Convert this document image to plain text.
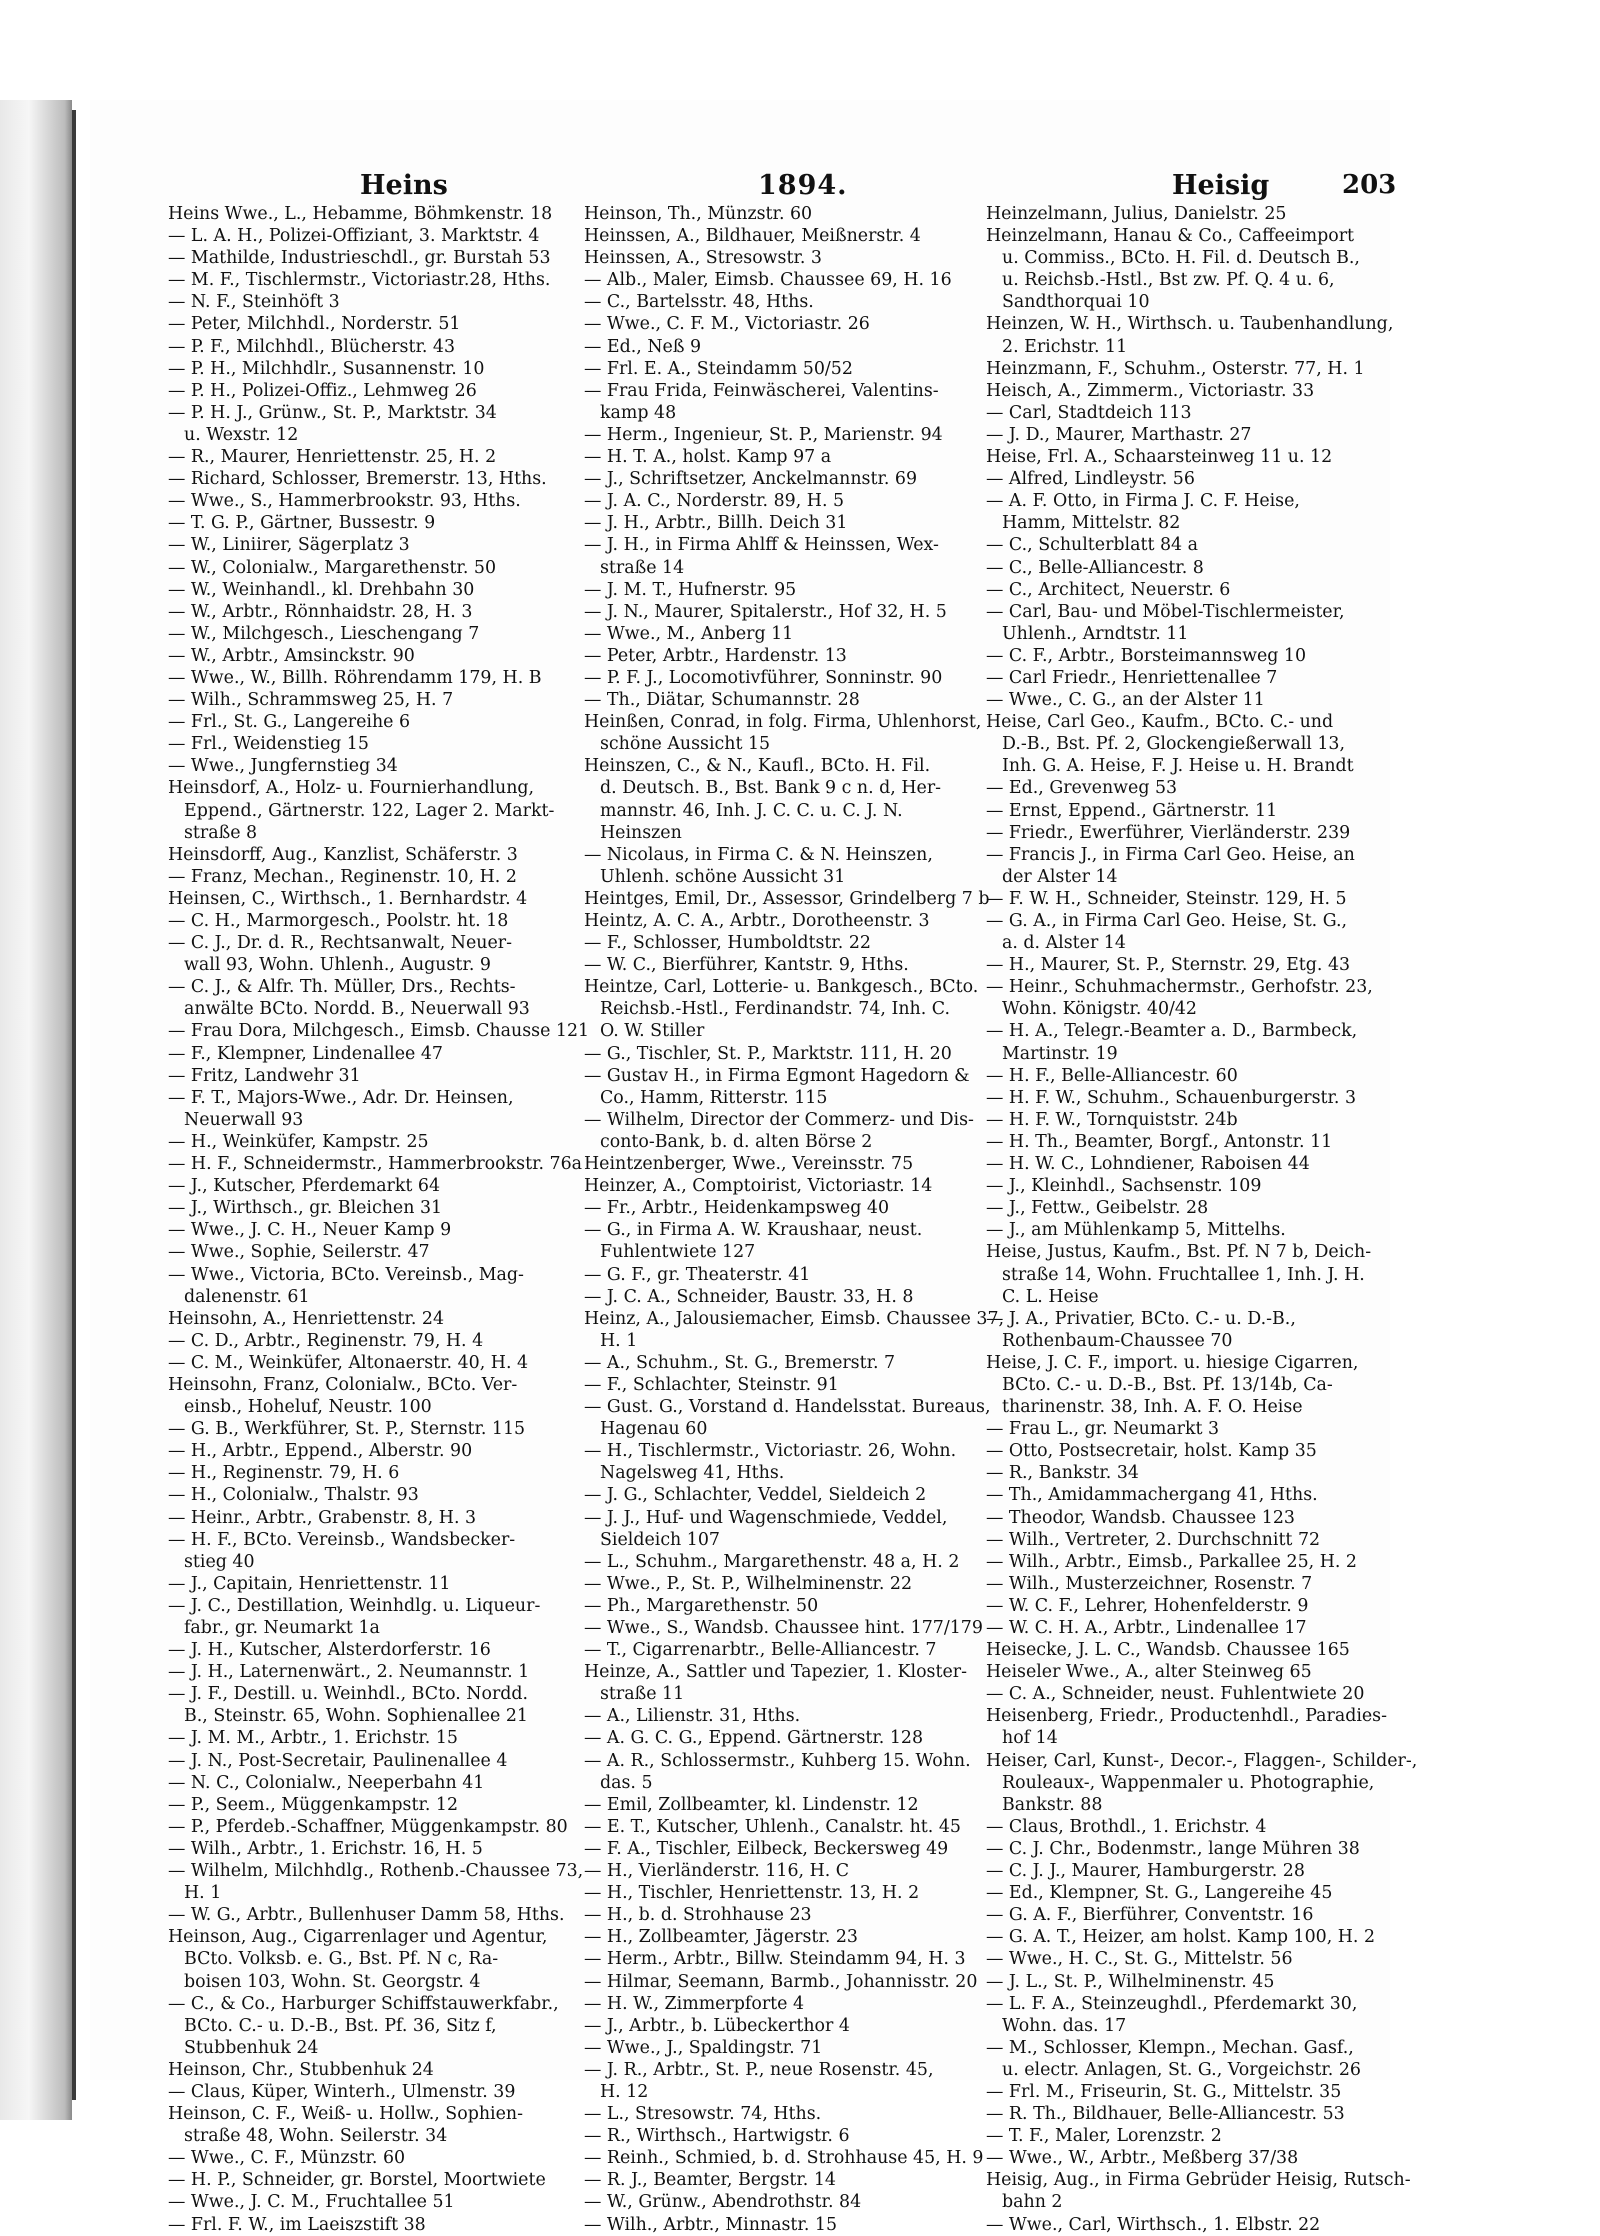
Heins	1894.	Heisig	203
Heins Wwe., L., Hebamme, Böhmkenstr. 18
— L. A. H., Polizei-Offiziant, 3. Marktstr. 4
— Mathilde, Industrieschdl., gr. Burstah 53
— M. F., Tischlermstr., Victoriastr.28, Hths.
— N. F., Steinhöft 3
— Peter, Milchhdl., Norderstr. 51
— P. F., Milchhdl., Blücherstr. 43
— P. H., Milchhdlr., Susannenstr. 10
— P. H., Polizei-Offiz., Lehmweg 26
— P. H. J., Grünw., St. P., Marktstr. 34
u. Wexstr. 12
— R., Maurer, Henriettenstr. 25, H. 2
— Richard, Schlosser, Bremerstr. 13, Hths.
— Wwe., S., Hammerbrookstr. 93, Hths.
— T. G. P., Gärtner, Bussestr. 9
— W., Liniirer, Sägerplatz 3
— W., Colonialw., Margarethenstr. 50
— W., Weinhandl., kl. Drehbahn 30
— W., Arbtr., Rönnhaidstr. 28, H. 3
— W., Milchgesch., Lieschengang 7
— W., Arbtr., Amsinckstr. 90
— Wwe., W., Billh. Röhrendamm 179, H. B
— Wilh., Schrammsweg 25, H. 7
— Frl., St. G., Langereihe 6
— Frl., Weidenstieg 15
— Wwe., Jungfernstieg 34
Heinsdorf, A., Holz- u. Fournierhandlung,
Eppend., Gärtnerstr. 122, Lager 2. Markt-
straße 8
Heinsdorff, Aug., Kanzlist, Schäferstr. 3
— Franz, Mechan., Reginenstr. 10, H. 2
Heinsen, C., Wirthsch., 1. Bernhardstr. 4
— C. H., Marmorgesch., Poolstr. ht. 18
— C. J., Dr. d. R., Rechtsanwalt, Neuer-
wall 93, Wohn. Uhlenh., Augustr. 9
— C. J., & Alfr. Th. Müller, Drs., Rechts-
anwälte BCto. Nordd. B., Neuerwall 93
— Frau Dora, Milchgesch., Eimsb. Chausse 121
— F., Klempner, Lindenallee 47
— Fritz, Landwehr 31
— F. T., Majors-Wwe., Adr. Dr. Heinsen,
Neuerwall 93
— H., Weinküfer, Kampstr. 25
— H. F., Schneidermstr., Hammerbrookstr. 76a
— J., Kutscher, Pferdemarkt 64
— J., Wirthsch., gr. Bleichen 31
— Wwe., J. C. H., Neuer Kamp 9
— Wwe., Sophie, Seilerstr. 47
— Wwe., Victoria, BCto. Vereinsb., Mag-
dalenenstr. 61
Heinsohn, A., Henriettenstr. 24
— C. D., Arbtr., Reginenstr. 79, H. 4
— C. M., Weinküfer, Altonaerstr. 40, H. 4
Heinsohn, Franz, Colonialw., BCto. Ver-
einsb., Hoheluf, Neustr. 100
— G. B., Werkführer, St. P., Sternstr. 115
— H., Arbtr., Eppend., Alberstr. 90
— H., Reginenstr. 79, H. 6
— H., Colonialw., Thalstr. 93
— Heinr., Arbtr., Grabenstr. 8, H. 3
— H. F., BCto. Vereinsb., Wandsbecker-
stieg 40
— J., Capitain, Henriettenstr. 11
— J. C., Destillation, Weinhdlg. u. Liqueur-
fabr., gr. Neumarkt 1a
— J. H., Kutscher, Alsterdorferstr. 16
— J. H., Laternenwärt., 2. Neumannstr. 1
— J. F., Destill. u. Weinhdl., BCto. Nordd.
B., Steinstr. 65, Wohn. Sophienallee 21
— J. M. M., Arbtr., 1. Erichstr. 15
— J. N., Post-Secretair, Paulinenallee 4
— N. C., Colonialw., Neeperbahn 41
— P., Seem., Müggenkampstr. 12
— P., Pferdeb.-Schaffner, Müggenkampstr. 80
— Wilh., Arbtr., 1. Erichstr. 16, H. 5
— Wilhelm, Milchhdlg., Rothenb.-Chaussee 73,
H. 1
— W. G., Arbtr., Bullenhuser Damm 58, Hths.
Heinson, Aug., Cigarrenlager und Agentur,
BCto. Volksb. e. G., Bst. Pf. N c, Ra-
boisen 103, Wohn. St. Georgstr. 4
— C., & Co., Harburger Schiffstauwerkfabr.,
BCto. C.- u. D.-B., Bst. Pf. 36, Sitz f,
Stubbenhuk 24
Heinson, Chr., Stubbenhuk 24
— Claus, Küper, Winterh., Ulmenstr. 39
Heinson, C. F., Weiß- u. Hollw., Sophien-
straße 48, Wohn. Seilerstr. 34
— Wwe., C. F., Münzstr. 60
— H. P., Schneider, gr. Borstel, Moortwiete
— Wwe., J. C. M., Fruchtallee 51
— Frl. F. W., im Laeiszstift 38
Heinson, Th., Münzstr. 60
Heinssen, A., Bildhauer, Meißnerstr. 4
Heinssen, A., Stresowstr. 3
— Alb., Maler, Eimsb. Chaussee 69, H. 16
— C., Bartelsstr. 48, Hths.
— Wwe., C. F. M., Victoriastr. 26
— Ed., Neß 9
— Frl. E. A., Steindamm 50/52
— Frau Frida, Feinwäscherei, Valentins-
kamp 48
— Herm., Ingenieur, St. P., Marienstr. 94
— H. T. A., holst. Kamp 97 a
— J., Schriftsetzer, Anckelmannstr. 69
— J. A. C., Norderstr. 89, H. 5
— J. H., Arbtr., Billh. Deich 31
— J. H., in Firma Ahlff & Heinssen, Wex-
straße 14
— J. M. T., Hufnerstr. 95
— J. N., Maurer, Spitalerstr., Hof 32, H. 5
— Wwe., M., Anberg 11
— Peter, Arbtr., Hardenstr. 13
— P. F. J., Locomotivführer, Sonninstr. 90
— Th., Diätar, Schumannstr. 28
Heinßen, Conrad, in folg. Firma, Uhlenhorst,
schöne Aussicht 15
Heinszen, C., & N., Kaufl., BCto. H. Fil.
d. Deutsch. B., Bst. Bank 9 c n. d, Her-
mannstr. 46, Inh. J. C. C. u. C. J. N.
Heinszen
— Nicolaus, in Firma C. & N. Heinszen,
Uhlenh. schöne Aussicht 31
Heintges, Emil, Dr., Assessor, Grindelberg 7 b
Heintz, A. C. A., Arbtr., Dorotheenstr. 3
— F., Schlosser, Humboldtstr. 22
— W. C., Bierführer, Kantstr. 9, Hths.
Heintze, Carl, Lotterie- u. Bankgesch., BCto.
Reichsb.-Hstl., Ferdinandstr. 74, Inh. C.
O. W. Stiller
— G., Tischler, St. P., Marktstr. 111, H. 20
— Gustav H., in Firma Egmont Hagedorn &
Co., Hamm, Ritterstr. 115
— Wilhelm, Director der Commerz- und Dis-
conto-Bank, b. d. alten Börse 2
Heintzenberger, Wwe., Vereinsstr. 75
Heinzer, A., Comptoirist, Victoriastr. 14
— Fr., Arbtr., Heidenkampsweg 40
— G., in Firma A. W. Kraushaar, neust.
Fuhlentwiete 127
— G. F., gr. Theaterstr. 41
— J. C. A., Schneider, Baustr. 33, H. 8
Heinz, A., Jalousiemacher, Eimsb. Chaussee 37,
H. 1
— A., Schuhm., St. G., Bremerstr. 7
— F., Schlachter, Steinstr. 91
— Gust. G., Vorstand d. Handelsstat. Bureaus,
Hagenau 60
— H., Tischlermstr., Victoriastr. 26, Wohn.
Nagelsweg 41, Hths.
— J. G., Schlachter, Veddel, Sieldeich 2
— J. J., Huf- und Wagenschmiede, Veddel,
Sieldeich 107
— L., Schuhm., Margarethenstr. 48 a, H. 2
— Wwe., P., St. P., Wilhelminenstr. 22
— Ph., Margarethenstr. 50
— Wwe., S., Wandsb. Chaussee hint. 177/179
— T., Cigarrenarbtr., Belle-Alliancestr. 7
Heinze, A., Sattler und Tapezier, 1. Kloster-
straße 11
— A., Lilienstr. 31, Hths.
— A. G. C. G., Eppend. Gärtnerstr. 128
— A. R., Schlossermstr., Kuhberg 15. Wohn.
das. 5
— Emil, Zollbeamter, kl. Lindenstr. 12
— E. T., Kutscher, Uhlenh., Canalstr. ht. 45
— F. A., Tischler, Eilbeck, Beckersweg 49
— H., Vierländerstr. 116, H. C
— H., Tischler, Henriettenstr. 13, H. 2
— H., b. d. Strohhause 23
— H., Zollbeamter, Jägerstr. 23
— Herm., Arbtr., Billw. Steindamm 94, H. 3
— Hilmar, Seemann, Barmb., Johannisstr. 20
— H. W., Zimmerpforte 4
— J., Arbtr., b. Lübeckerthor 4
— Wwe., J., Spaldingstr. 71
— J. R., Arbtr., St. P., neue Rosenstr. 45,
H. 12
— L., Stresowstr. 74, Hths.
— R., Wirthsch., Hartwigstr. 6
— Reinh., Schmied, b. d. Strohhause 45, H. 9
— R. J., Beamter, Bergstr. 14
— W., Grünw., Abendrothstr. 84
— Wilh., Arbtr., Minnastr. 15
Heinzelmann, Julius, Danielstr. 25
Heinzelmann, Hanau & Co., Caffeeimport
u. Commiss., BCto. H. Fil. d. Deutsch B.,
u. Reichsb.-Hstl., Bst zw. Pf. Q. 4 u. 6,
Sandthorquai 10
Heinzen, W. H., Wirthsch. u. Taubenhandlung,
2. Erichstr. 11
Heinzmann, F., Schuhm., Osterstr. 77, H. 1
Heisch, A., Zimmerm., Victoriastr. 33
— Carl, Stadtdeich 113
— J. D., Maurer, Marthastr. 27
Heise, Frl. A., Schaarsteinweg 11 u. 12
— Alfred, Lindleystr. 56
— A. F. Otto, in Firma J. C. F. Heise,
Hamm, Mittelstr. 82
— C., Schulterblatt 84 a
— C., Belle-Alliancestr. 8
— C., Architect, Neuerstr. 6
— Carl, Bau- und Möbel-Tischlermeister,
Uhlenh., Arndtstr. 11
— C. F., Arbtr., Borsteimannsweg 10
— Carl Friedr., Henriettenallee 7
— Wwe., C. G., an der Alster 11
Heise, Carl Geo., Kaufm., BCto. C.- und
D.-B., Bst. Pf. 2, Glockengießerwall 13,
Inh. G. A. Heise, F. J. Heise u. H. Brandt
— Ed., Grevenweg 53
— Ernst, Eppend., Gärtnerstr. 11
— Friedr., Ewerführer, Vierländerstr. 239
— Francis J., in Firma Carl Geo. Heise, an
der Alster 14
— F. W. H., Schneider, Steinstr. 129, H. 5
— G. A., in Firma Carl Geo. Heise, St. G.,
a. d. Alster 14
— H., Maurer, St. P., Sternstr. 29, Etg. 43
— Heinr., Schuhmachermstr., Gerhofstr. 23,
Wohn. Königstr. 40/42
— H. A., Telegr.-Beamter a. D., Barmbeck,
Martinstr. 19
— H. F., Belle-Alliancestr. 60
— H. F. W., Schuhm., Schauenburgerstr. 3
— H. F. W., Tornquiststr. 24b
— H. Th., Beamter, Borgf., Antonstr. 11
— H. W. C., Lohndiener, Raboisen 44
— J., Kleinhdl., Sachsenstr. 109
— J., Fettw., Geibelstr. 28
— J., am Mühlenkamp 5, Mittelhs.
Heise, Justus, Kaufm., Bst. Pf. N 7 b, Deich-
straße 14, Wohn. Fruchtallee 1, Inh. J. H.
C. L. Heise
— J. A., Privatier, BCto. C.- u. D.-B.,
Rothenbaum-Chaussee 70
Heise, J. C. F., import. u. hiesige Cigarren,
BCto. C.- u. D.-B., Bst. Pf. 13/14b, Ca-
tharinenstr. 38, Inh. A. F. O. Heise
— Frau L., gr. Neumarkt 3
— Otto, Postsecretair, holst. Kamp 35
— R., Bankstr. 34
— Th., Amidammachergang 41, Hths.
— Theodor, Wandsb. Chaussee 123
— Wilh., Vertreter, 2. Durchschnitt 72
— Wilh., Arbtr., Eimsb., Parkallee 25, H. 2
— Wilh., Musterzeichner, Rosenstr. 7
— W. C. F., Lehrer, Hohenfelderstr. 9
— W. C. H. A., Arbtr., Lindenallee 17
Heisecke, J. L. C., Wandsb. Chaussee 165
Heiseler Wwe., A., alter Steinweg 65
— C. A., Schneider, neust. Fuhlentwiete 20
Heisenberg, Friedr., Productenhdl., Paradies-
hof 14
Heiser, Carl, Kunst-, Decor.-, Flaggen-, Schilder-,
Rouleaux-, Wappenmaler u. Photographie,
Bankstr. 88
— Claus, Brothdl., 1. Erichstr. 4
— C. J. Chr., Bodenmstr., lange Mühren 38
— C. J. J., Maurer, Hamburgerstr. 28
— Ed., Klempner, St. G., Langereihe 45
— G. A. F., Bierführer, Conventstr. 16
— G. A. T., Heizer, am holst. Kamp 100, H. 2
— Wwe., H. C., St. G., Mittelstr. 56
— J. L., St. P., Wilhelminenstr. 45
— L. F. A., Steinzeughdl., Pferdemarkt 30,
Wohn. das. 17
— M., Schlosser, Klempn., Mechan. Gasf.,
u. electr. Anlagen, St. G., Vorgeichstr. 26
— Frl. M., Friseurin, St. G., Mittelstr. 35
— R. Th., Bildhauer, Belle-Alliancestr. 53
— T. F., Maler, Lorenzstr. 2
— Wwe., W., Arbtr., Meßberg 37/38
Heisig, Aug., in Firma Gebrüder Heisig, Rutsch-
bahn 2
— Wwe., Carl, Wirthsch., 1. Elbstr. 22
